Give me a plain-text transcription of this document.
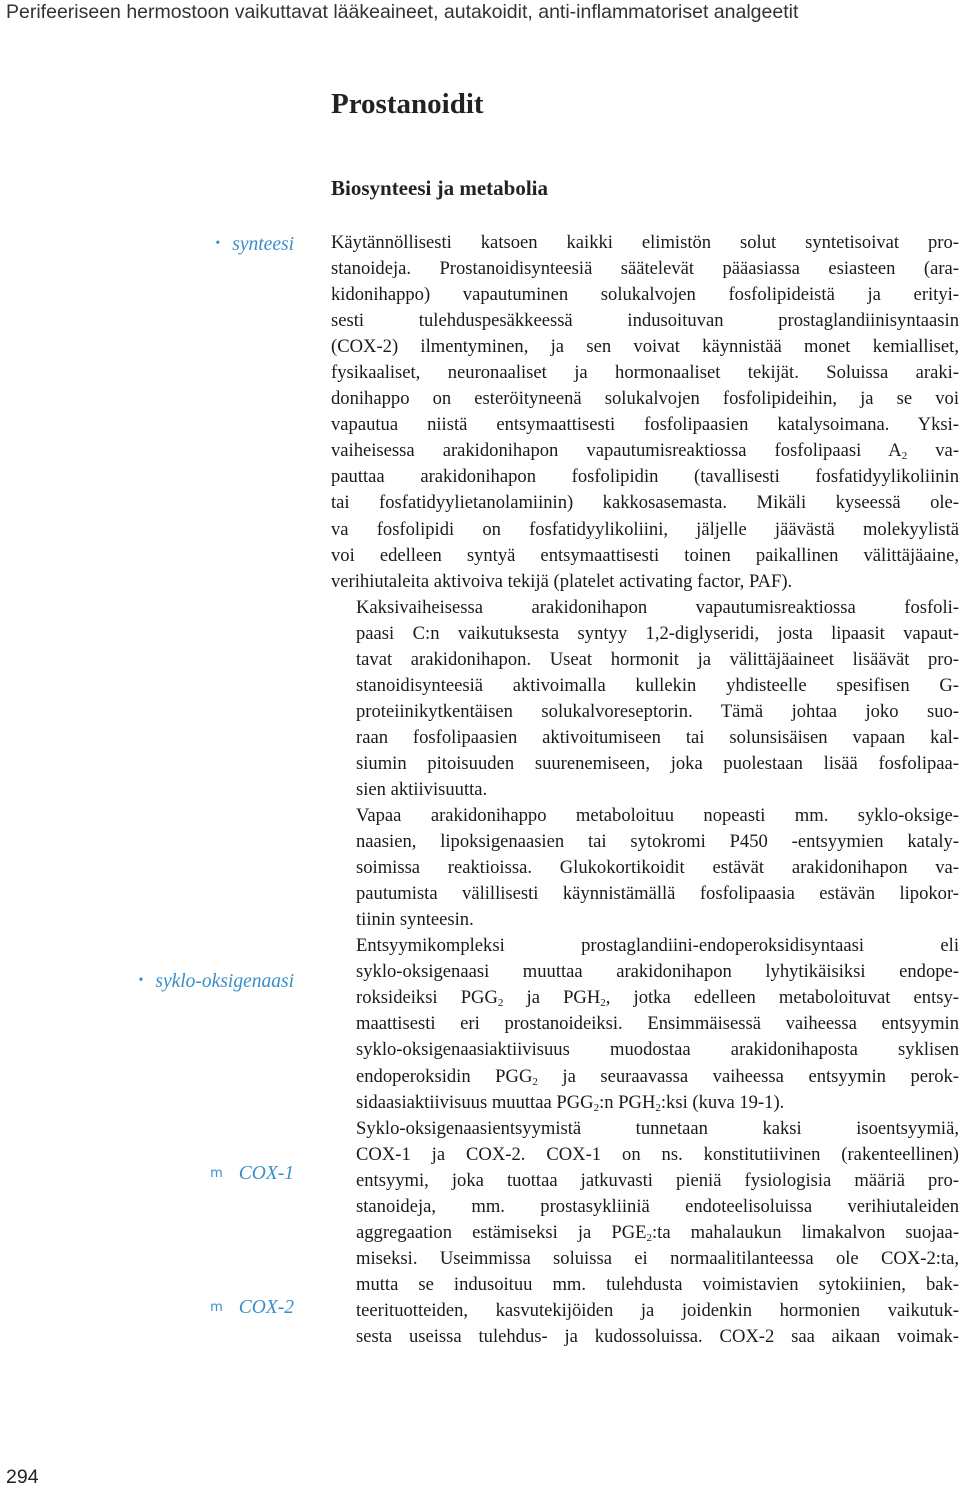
Perifeeriseen hermostoon vaikuttavat lääkeaineet, autakoidit, anti-inflammatoriset analgeetit
Prostanoidit
Biosynteesi ja metabolia
• synteesi
• syklo-oksigenaasi
m COX-1
m COX-2

Käytännöllisesti katsoen kaikki elimistön solut syntetisoivat pro-
stanoideja. Prostanoidisynteesiä säätelevät pääasiassa esiasteen (ara-
kidonihappo) vapautuminen solukalvojen fosfolipideistä ja erityi-
sesti tulehduspesäkkeessä indusoituvan prostaglandiinisyntaasin
(COX-2) ilmentyminen, ja sen voivat käynnistää monet kemialliset,
fysikaaliset, neuronaaliset ja hormonaaliset tekijät. Soluissa araki-
donihappo on esteröityneenä solukalvojen fosfolipideihin, ja se voi
vapautua niistä entsymaattisesti fosfolipaasien katalysoimana. Yksi-
vaiheisessa arakidonihapon vapautumisreaktiossa fosfolipaasi $A_2$ va-
pauttaa arakidonihapon fosfolipidin (tavallisesti fosfatidyylikoliinin
tai fosfatidyylietanolamiinin) kakkosasemasta. Mikäli kyseessä ole-
va fosfolipidi on fosfatidyylikoliini, jäljelle jäävästä molekyylistä
voi edelleen syntyä entsymaattisesti toinen paikallinen välittäjäaine,
verihiutaleita aktivoiva tekijä (platelet activating factor, PAF).

Kaksivaiheisessa arakidonihapon vapautumisreaktiossa fosfoli-
paasi C:n vaikutuksesta syntyy 1,2-diglyseridi, josta lipaasit vapaut-
tavat arakidonihapon. Useat hormonit ja välittäjäaineet lisäävät pro-
stanoidisynteesiä aktivoimalla kullekin yhdisteelle spesifisen G-
proteiinikytkentäisen solukalvoreseptorin. Tämä johtaa joko suo-
raan fosfolipaasien aktivoitumiseen tai solunsisäisen vapaan kal-
siumin pitoisuuden suurenemiseen, joka puolestaan lisää fosfolipaa-
sien aktiivisuutta.

Vapaa arakidonihappo metaboloituu nopeasti mm. syklo-oksige-
naasien, lipoksigenaasien tai sytokromi P450 -entsyymien kataly-
soimissa reaktioissa. Glukokortikoidit estävät arakidonihapon va-
pautumista välillisesti käynnistämällä fosfolipaasia estävän lipokor-
tiinin synteesin.

Entsyymikompleksi prostaglandiini-endoperoksidisyntaasi eli
syklo-oksigenaasi muuttaa arakidonihapon lyhytikäisiksi endope-
roksideiksi $PGG_2$ ja $PGH_2$, jotka edelleen metaboloituvat entsy-
maattisesti eri prostanoideiksi. Ensimmäisessä vaiheessa entsyymin
syklo-oksigenaasiaktiivisuus muodostaa arakidonihaposta syklisen
endoperoksidin $PGG_2$ ja seuraavassa vaiheessa entsyymin perok-
sidaasiaktiivisuus muuttaa $PGG_2:n$ $PGH_2:ksi$ (kuva 19-1).

Syklo-oksigenaasientsyymistä tunnetaan kaksi isoentsyymiä,
COX-1 ja COX-2. COX-1 on ns. konstitutiivinen (rakenteellinen)
entsyymi, joka tuottaa jatkuvasti pieniä fysiologisia määriä pro-
stanoideja, mm. prostasykliiniä endoteelisoluissa verihiutaleiden
aggregaation estämiseksi ja $PGE_2:ta$ mahalaukun limakalvon suojaa-
miseksi. Useimmissa soluissa ei normaalitilanteessa ole COX-2:ta,
mutta se indusoituu mm. tulehdusta voimistavien sytokiinien, bak-
teerituotteiden, kasvutekijöiden ja joidenkin hormonien vaikutuk-
sesta useissa tulehdus- ja kudossoluissa. COX-2 saa aikaan voimak-

294
